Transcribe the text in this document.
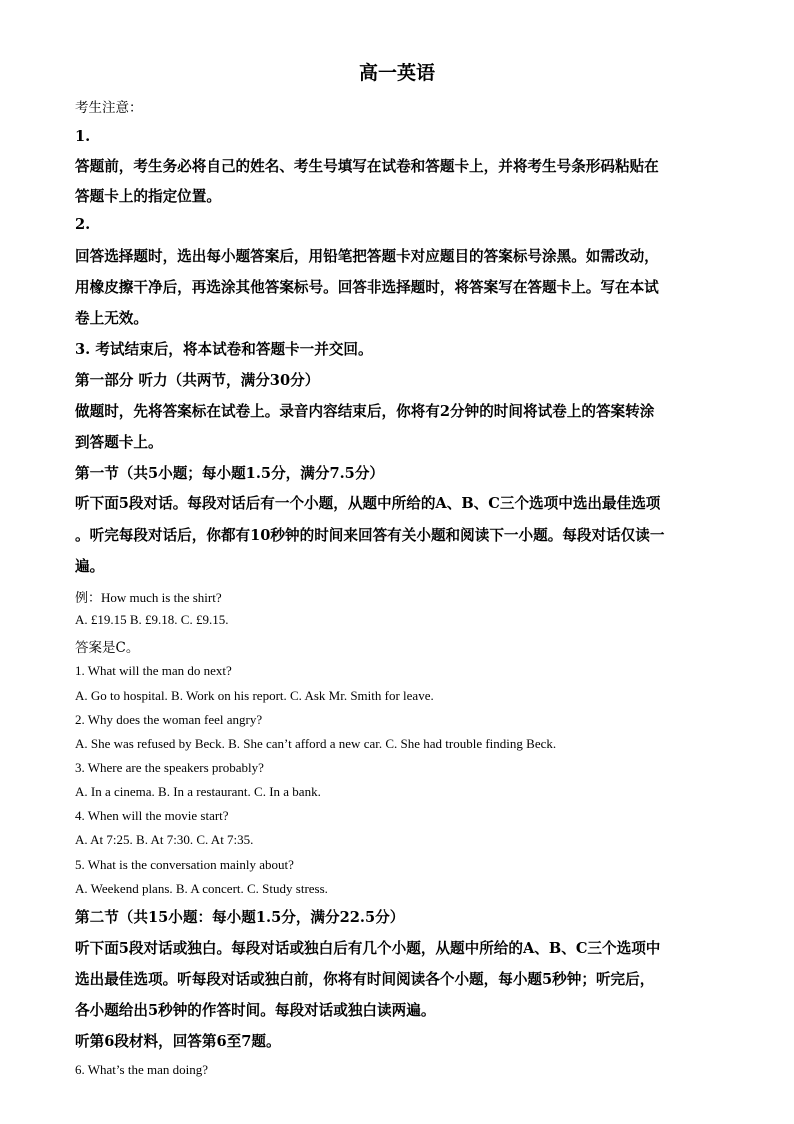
高一英语
考生注意：
1.
答题前，考生务必将自己的姓名、考生号填写在试卷和答题卡上，并将考生号条形码粘贴在
答题卡上的指定位置。
2.
回答选择题时，选出每小题答案后，用铅笔把答题卡对应题目的答案标号涂黑。如需改动，
用橡皮擦干净后，再选涂其他答案标号。回答非选择题时，将答案写在答题卡上。写在本试
卷上无效。
3. 考试结束后，将本试卷和答题卡一并交回。
第一部分 听力（共两节，满分30分）
做题时，先将答案标在试卷上。录音内容结束后，你将有2分钟的时间将试卷上的答案转涂
到答题卡上。
第一节（共5小题；每小题1.5分，满分7.5分）
听下面5段对话。每段对话后有一个小题，从题中所给的A、B、C三个选项中选出最佳选项
。听完每段对话后，你都有10秒钟的时间来回答有关小题和阅读下一小题。每段对话仅读一
遍。
例：How much is the shirt?
A. £19.15 B. £9.18. C. £9.15.
答案是C。
1. What will the man do next?
A. Go to hospital. B. Work on his report. C. Ask Mr. Smith for leave.
2. Why does the woman feel angry?
A. She was refused by Beck. B. She can’t afford a new car. C. She had trouble finding Beck.
3. Where are the speakers probably?
A. In a cinema. B. In a restaurant. C. In a bank.
4. When will the movie start?
A. At 7:25. B. At 7:30. C. At 7:35.
5. What is the conversation mainly about?
A. Weekend plans. B. A concert. C. Study stress.
第二节（共15小题：每小题1.5分，满分22.5分）
听下面5段对话或独白。每段对话或独白后有几个小题，从题中所给的A、B、C三个选项中
选出最佳选项。听每段对话或独白前，你将有时间阅读各个小题，每小题5秒钟；听完后，
各小题给出5秒钟的作答时间。每段对话或独白读两遍。
听第6段材料，回答第6至7题。
6. What’s the man doing?
